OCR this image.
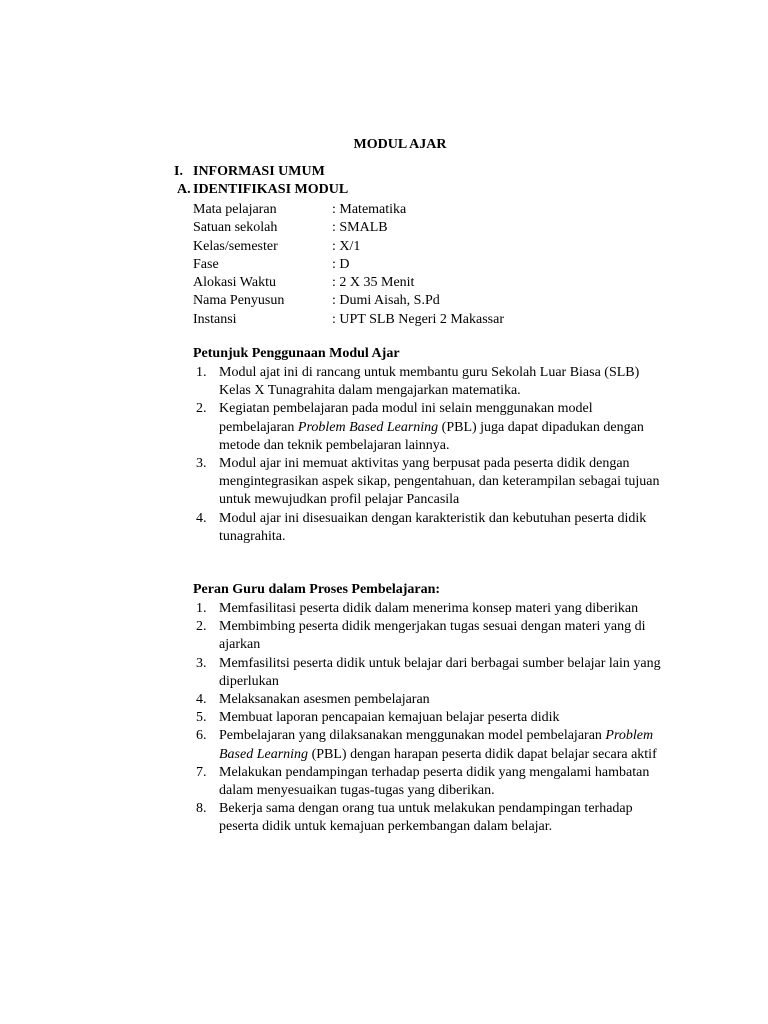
MODUL AJAR
I. INFORMASI UMUM
A. IDENTIFIKASI MODUL
Mata pelajaran	: Matematika
Satuan sekolah	: SMALB
Kelas/semester	: X/1
Fase	: D
Alokasi Waktu	: 2 X 35 Menit
Nama Penyusun	: Dumi Aisah, S.Pd
Instansi	: UPT SLB Negeri 2 Makassar
Petunjuk Penggunaan Modul Ajar
1. Modul ajat ini di rancang untuk membantu guru Sekolah Luar Biasa (SLB) Kelas X Tunagrahita dalam mengajarkan matematika.
2. Kegiatan pembelajaran pada modul ini selain menggunakan model pembelajaran Problem Based Learning (PBL) juga dapat dipadukan dengan metode dan teknik pembelajaran lainnya.
3. Modul ajar ini memuat aktivitas yang berpusat pada peserta didik dengan mengintegrasikan aspek sikap, pengentahuan, dan keterampilan sebagai tujuan untuk mewujudkan profil pelajar Pancasila
4. Modul ajar ini disesuaikan dengan karakteristik dan kebutuhan peserta didik tunagrahita.
Peran Guru dalam Proses Pembelajaran:
1. Memfasilitasi peserta didik dalam menerima konsep materi yang diberikan
2. Membimbing peserta didik mengerjakan tugas sesuai dengan materi yang di ajarkan
3. Memfasilitsi peserta didik untuk belajar dari berbagai sumber belajar lain yang diperlukan
4. Melaksanakan asesmen pembelajaran
5. Membuat laporan pencapaian kemajuan belajar peserta didik
6. Pembelajaran yang dilaksanakan menggunakan model pembelajaran Problem Based Learning (PBL) dengan harapan peserta didik dapat belajar secara aktif
7. Melakukan pendampingan terhadap peserta didik yang mengalami hambatan dalam menyesuaikan tugas-tugas yang diberikan.
8. Bekerja sama dengan orang tua untuk melakukan pendampingan terhadap peserta didik untuk kemajuan perkembangan dalam belajar.
